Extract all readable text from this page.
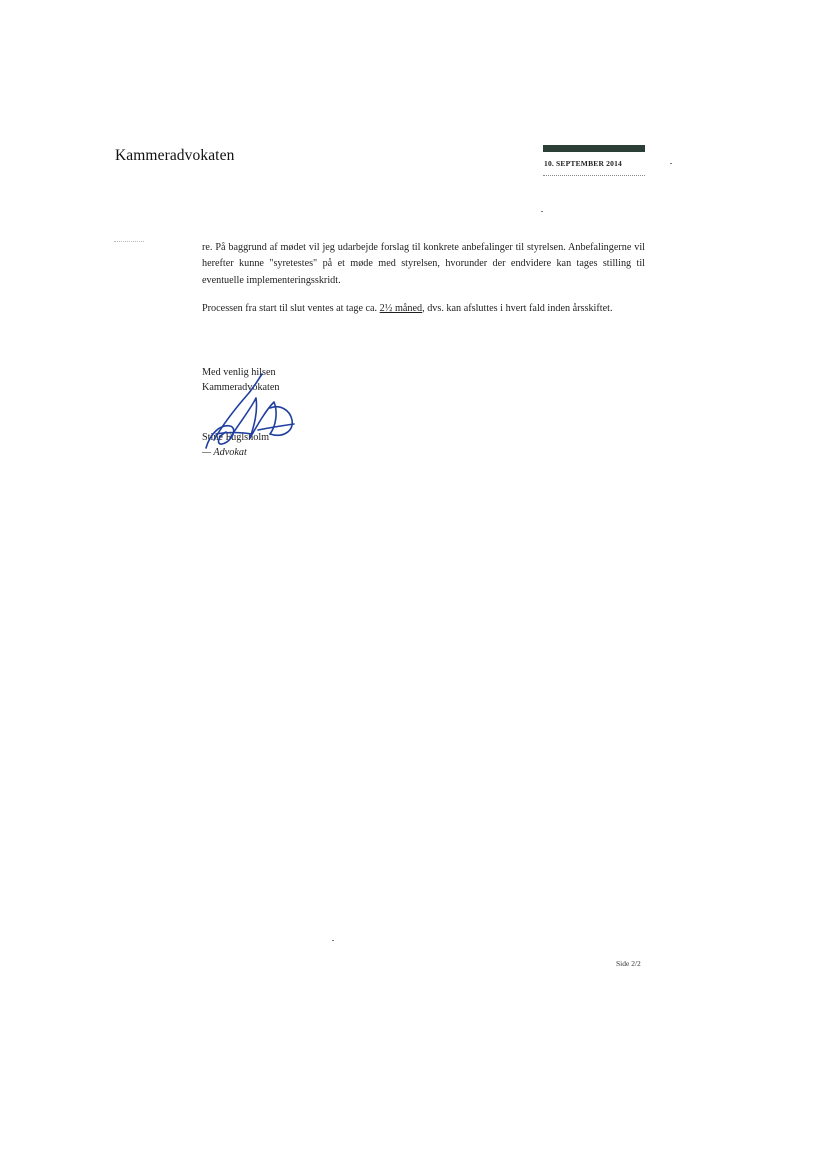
Kammeradvokaten	10. SEPTEMBER 2014
re. På baggrund af mødet vil jeg udarbejde forslag til konkrete anbefalinger til styrelsen. Anbefalingerne vil herefter kunne "syretestes" på et møde med styrelsen, hvorunder der endvidere kan tages stilling til eventuelle implementeringsskridt.
Processen fra start til slut ventes at tage ca. 2½ måned, dvs. kan afsluttes i hvert fald inden årsskiftet.
Med venlig hilsen
Kammeradvokaten
Stine Fuglsholm
— Advokat
Side 2/2
